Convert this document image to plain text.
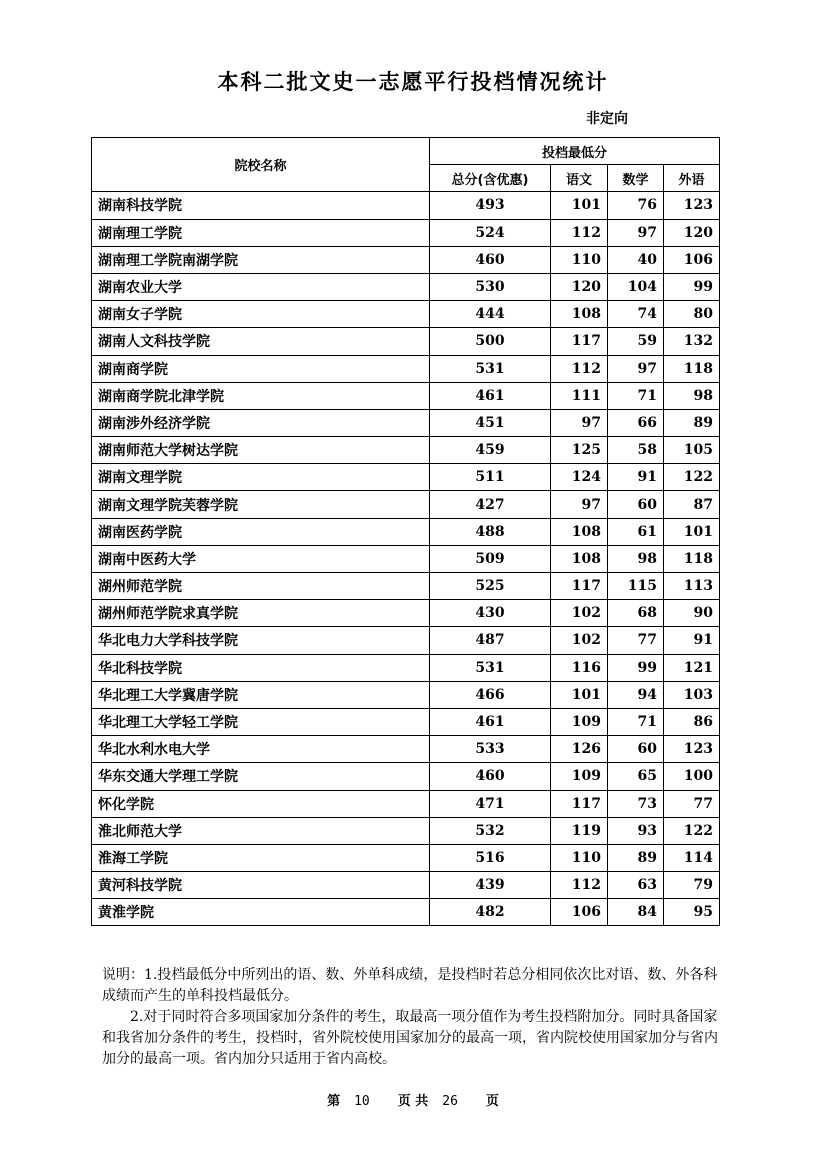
本科二批文史一志愿平行投档情况统计
非定向
院校名称	投档最低分			
	总分(含优惠)	语文	数学	外语
湖南科技学院	493	101	76	123
湖南理工学院	524	112	97	120
湖南理工学院南湖学院	460	110	40	106
湖南农业大学	530	120	104	99
湖南女子学院	444	108	74	80
湖南人文科技学院	500	117	59	132
湖南商学院	531	112	97	118
湖南商学院北津学院	461	111	71	98
湖南涉外经济学院	451	97	66	89
湖南师范大学树达学院	459	125	58	105
湖南文理学院	511	124	91	122
湖南文理学院芙蓉学院	427	97	60	87
湖南医药学院	488	108	61	101
湖南中医药大学	509	108	98	118
湖州师范学院	525	117	115	113
湖州师范学院求真学院	430	102	68	90
华北电力大学科技学院	487	102	77	91
华北科技学院	531	116	99	121
华北理工大学冀唐学院	466	101	94	103
华北理工大学轻工学院	461	109	71	86
华北水利水电大学	533	126	60	123
华东交通大学理工学院	460	109	65	100
怀化学院	471	117	73	77
淮北师范大学	532	119	93	122
淮海工学院	516	110	89	114
黄河科技学院	439	112	63	79
黄淮学院	482	106	84	95

说明：1.投档最低分中所列出的语、数、外单科成绩，是投档时若总分相同依次比对语、数、外各科成绩而产生的单科投档最低分。

2.对于同时符合多项国家加分条件的考生，取最高一项分值作为考生投档附加分。同时具备国家和我省加分条件的考生，投档时，省外院校使用国家加分的最高一项，省内院校使用国家加分与省内加分的最高一项。省内加分只适用于省内高校。

第 10 页 共 26 页
